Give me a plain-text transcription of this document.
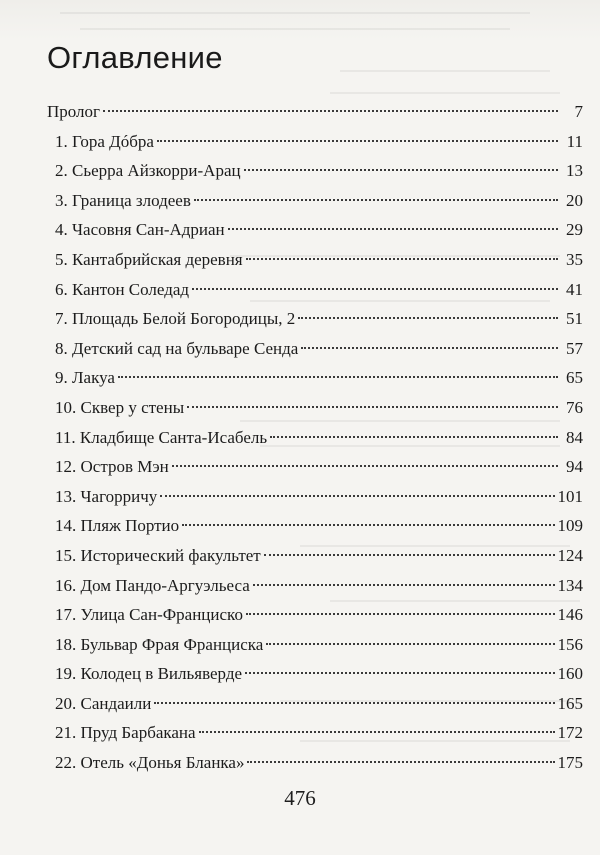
Оглавление
Пролог	7
1. Гора Дóбра	11
2. Сьерра Айзкорри-Арац	13
3. Граница злодеев	20
4. Часовня Сан-Адриан	29
5. Кантабрийская деревня	35
6. Кантон Соледад	41
7. Площадь Белой Богородицы, 2	51
8. Детский сад на бульваре Сенда	57
9. Лакуа	65
10. Сквер у стены	76
11. Кладбище Санта-Исабель	84
12. Остров Мэн	94
13. Чагорричу	101
14. Пляж Портио	109
15. Исторический факультет	124
16. Дом Пандо-Аргуэльеса	134
17. Улица Сан-Франциско	146
18. Бульвар Фрая Франциска	156
19. Колодец в Вильяверде	160
20. Сандаили	165
21. Пруд Барбакана	172
22. Отель «Донья Бланка»	175
476
